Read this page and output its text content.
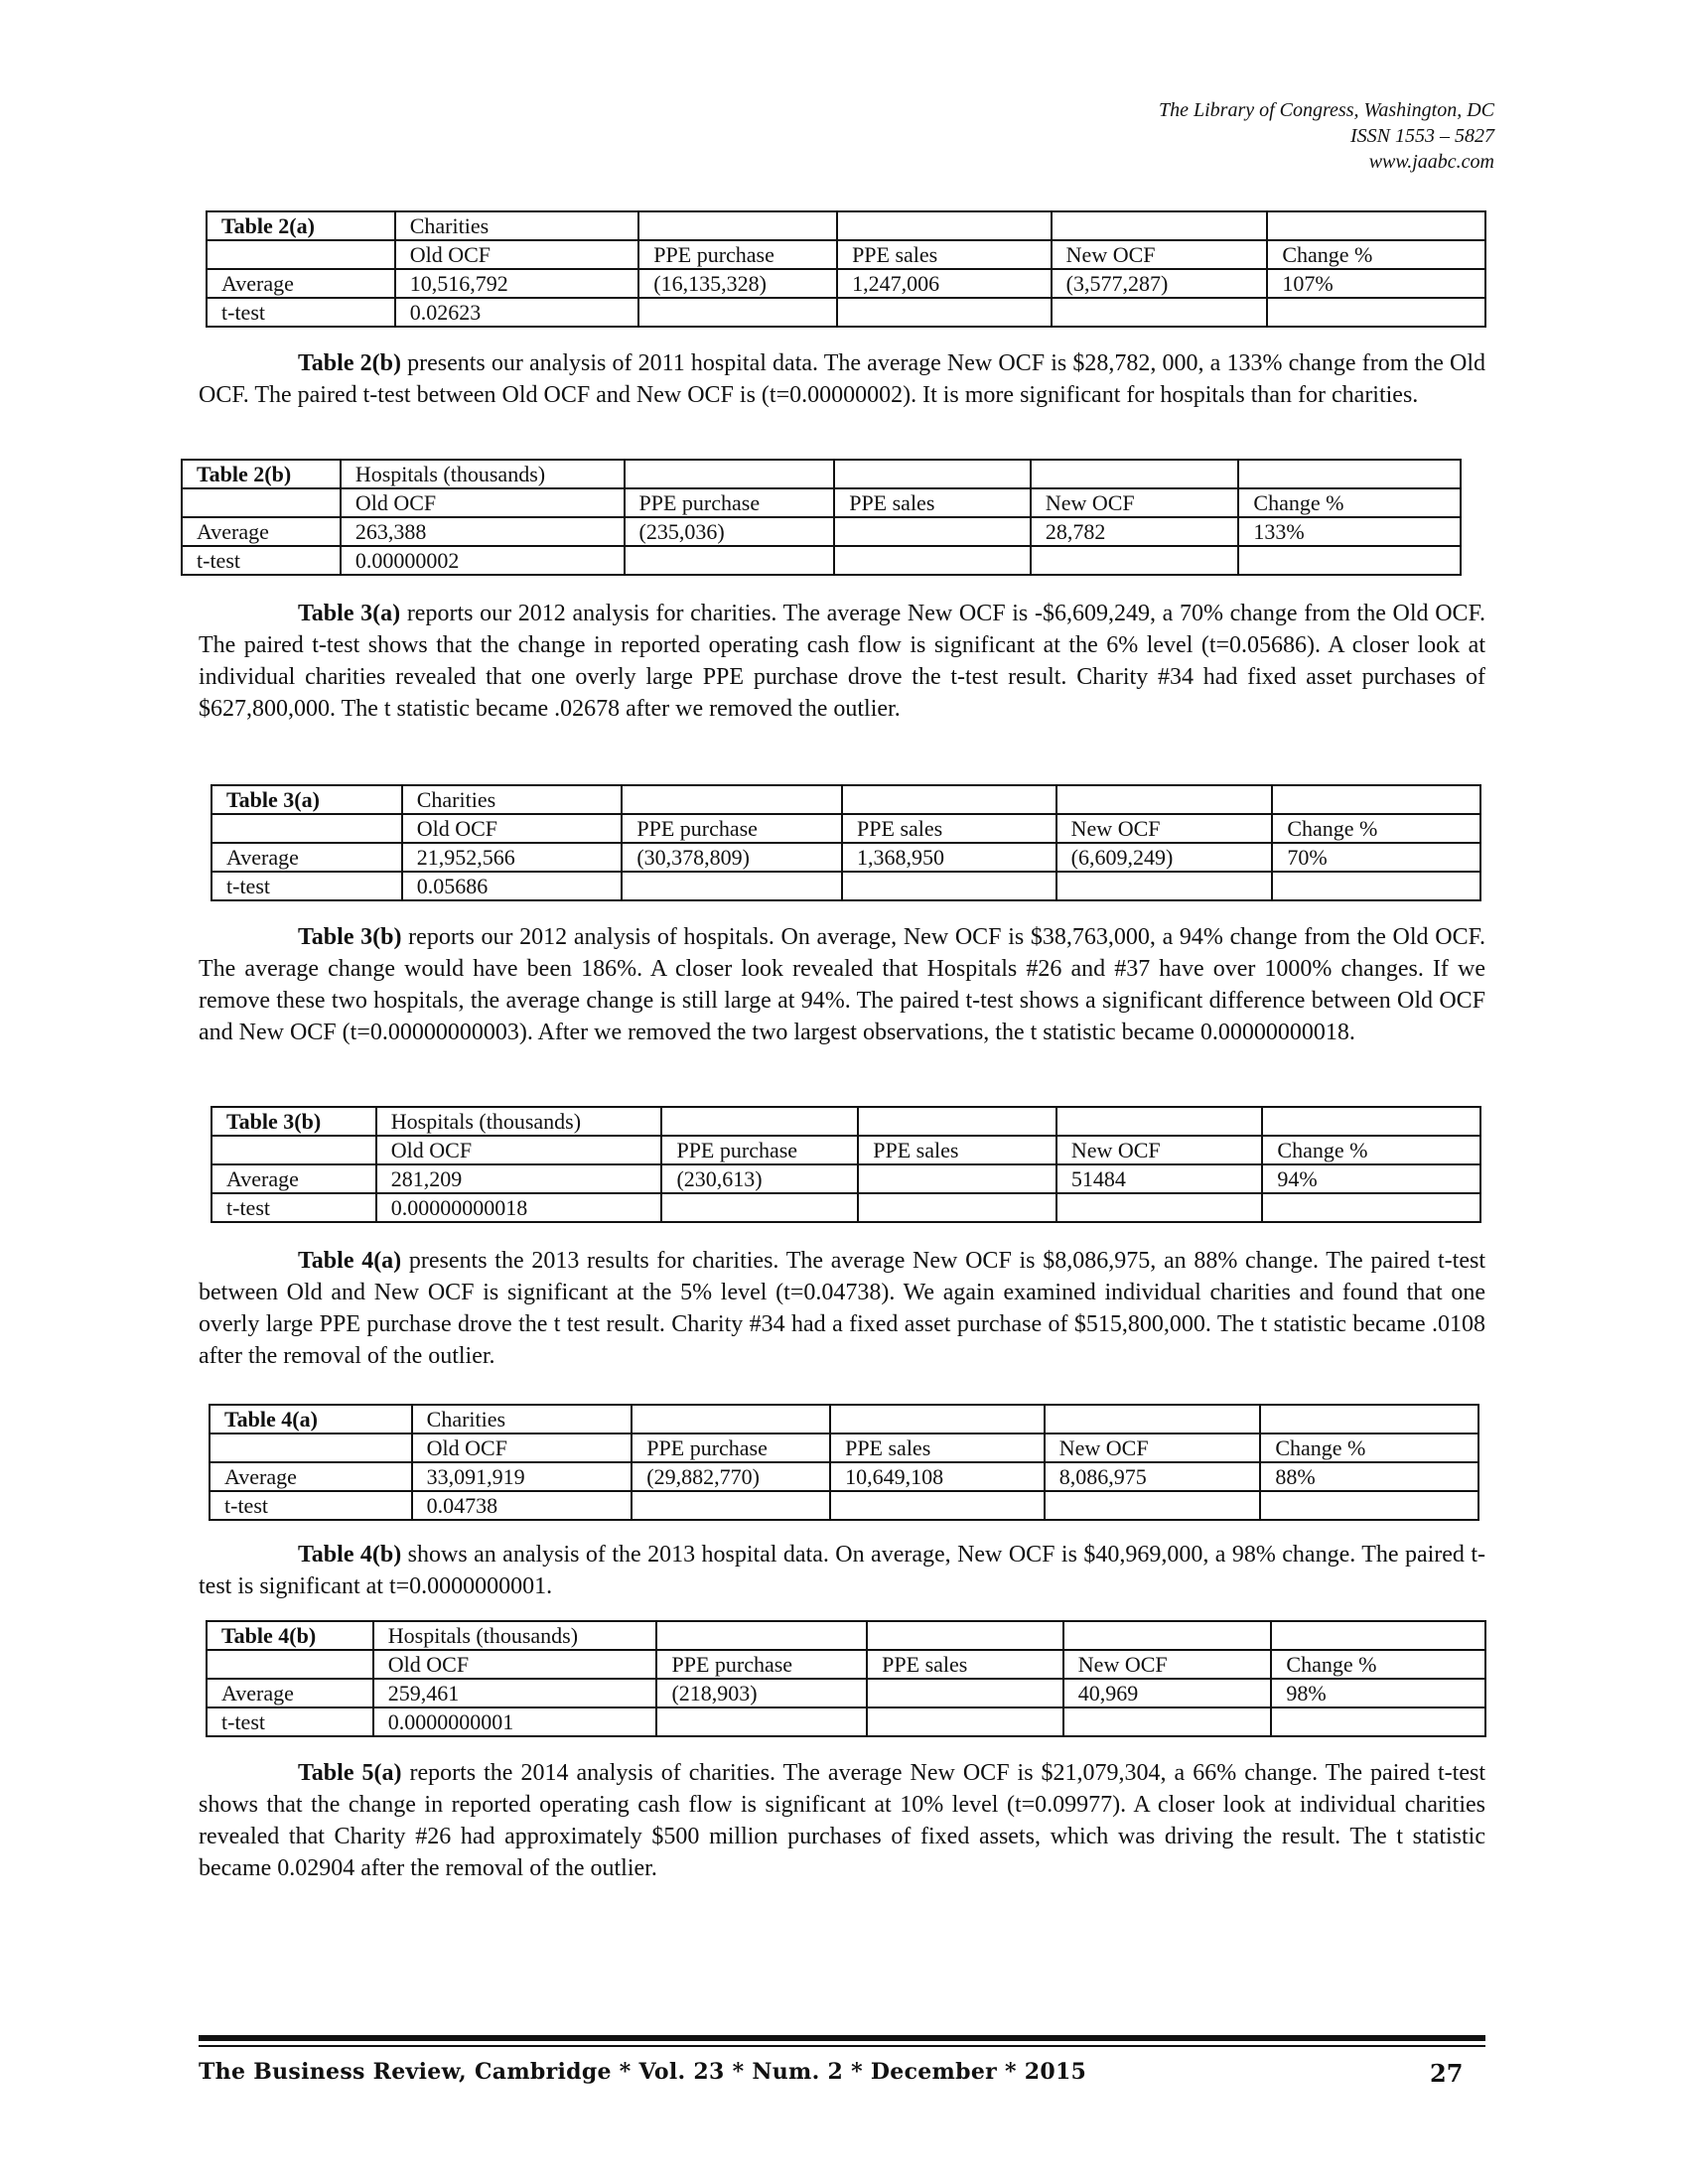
The Library of Congress, Washington, DC
ISSN 1553 – 5827
www.jaabc.com
Table 2(a)	Charities				
	Old OCF	PPE purchase	PPE sales	New OCF	Change %
Average	10,516,792	(16,135,328)	1,247,006	(3,577,287)	107%
t-test	0.02623				

Table 2(b) presents our analysis of 2011 hospital data. The average New OCF is $28,782, 000, a 133% change from the Old OCF. The paired t-test between Old OCF and New OCF is (t=0.00000002). It is more significant for hospitals than for charities.

Table 2(b)	Hospitals (thousands)				
	Old OCF	PPE purchase	PPE sales	New OCF	Change %
Average	263,388	(235,036)		28,782	133%
t-test	0.00000002				

Table 3(a) reports our 2012 analysis for charities. The average New OCF is -$6,609,249, a 70% change from the Old OCF. The paired t-test shows that the change in reported operating cash flow is significant at the 6% level (t=0.05686). A closer look at individual charities revealed that one overly large PPE purchase drove the t-test result. Charity #34 had fixed asset purchases of $627,800,000. The t statistic became .02678 after we removed the outlier.

Table 3(a)	Charities				
	Old OCF	PPE purchase	PPE sales	New OCF	Change %
Average	21,952,566	(30,378,809)	1,368,950	(6,609,249)	70%
t-test	0.05686				

Table 3(b) reports our 2012 analysis of hospitals. On average, New OCF is $38,763,000, a 94% change from the Old OCF. The average change would have been 186%. A closer look revealed that Hospitals #26 and #37 have over 1000% changes. If we remove these two hospitals, the average change is still large at 94%. The paired t-test shows a significant difference between Old OCF and New OCF (t=0.00000000003). After we removed the two largest observations, the t statistic became 0.00000000018.

Table 3(b)	Hospitals (thousands)				
	Old OCF	PPE purchase	PPE sales	New OCF	Change %
Average	281,209	(230,613)		51484	94%
t-test	0.00000000018				

Table 4(a) presents the 2013 results for charities. The average New OCF is $8,086,975, an 88% change. The paired t-test between Old and New OCF is significant at the 5% level (t=0.04738). We again examined individual charities and found that one overly large PPE purchase drove the t test result. Charity #34 had a fixed asset purchase of $515,800,000. The t statistic became .0108 after the removal of the outlier.

Table 4(a)	Charities				
	Old OCF	PPE purchase	PPE sales	New OCF	Change %
Average	33,091,919	(29,882,770)	10,649,108	8,086,975	88%
t-test	0.04738				

Table 4(b) shows an analysis of the 2013 hospital data. On average, New OCF is $40,969,000, a 98% change. The paired t-test is significant at t=0.0000000001.

Table 4(b)	Hospitals (thousands)				
	Old OCF	PPE purchase	PPE sales	New OCF	Change %
Average	259,461	(218,903)		40,969	98%
t-test	0.0000000001				

Table 5(a) reports the 2014 analysis of charities. The average New OCF is $21,079,304, a 66% change. The paired t-test shows that the change in reported operating cash flow is significant at 10% level (t=0.09977). A closer look at individual charities revealed that Charity #26 had approximately $500 million purchases of fixed assets, which was driving the result. The t statistic became 0.02904 after the removal of the outlier.

The Business Review, Cambridge * Vol. 23 * Num. 2 * December * 2015	27
